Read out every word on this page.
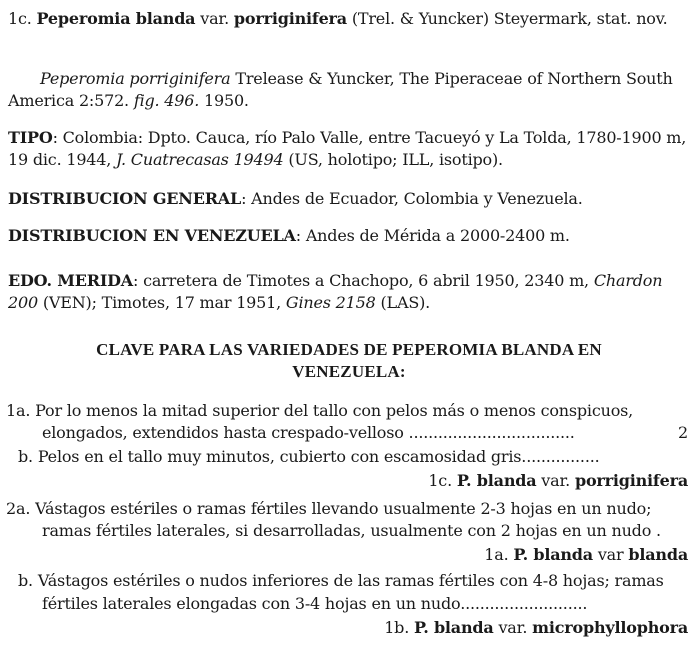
1c. Peperomia blanda var. porriginifera (Trel. & Yuncker) Steyermark, stat. nov.

Peperomia porriginifera Trelease & Yuncker, The Piperaceae of Northern South America 2:572. fig. 496. 1950.

TIPO: Colombia: Dpto. Cauca, río Palo Valle, entre Tacueyó y La Tolda, 1780-1900 m, 19 dic. 1944, J. Cuatrecasas 19494 (US, holotipo; ILL, isotipo).

DISTRIBUCION GENERAL: Andes de Ecuador, Colombia y Venezuela.

DISTRIBUCION EN VENEZUELA: Andes de Mérida a 2000-2400 m.

EDO. MERIDA: carretera de Timotes a Chachopo, 6 abril 1950, 2340 m, Chardon 200 (VEN); Timotes, 17 mar 1951, Gines 2158 (LAS).

CLAVE PARA LAS VARIEDADES DE PEPEROMIA BLANDA EN
VENEZUELA:
1a. Por lo menos la mitad superior del tallo con pelos más o menos conspicuos,
elongados, extendidos hasta crespado-velloso ..................................	2
b. Pelos en el tallo muy minutos, cubierto con escamosidad gris................
1c. P. blanda var. porriginifera
2a. Vástagos estériles o ramas fértiles llevando usualmente 2-3 hojas en un nudo;
ramas fértiles laterales, si desarrolladas, usualmente con 2 hojas en un nudo .
1a. P. blanda var blanda
b. Vástagos estériles o nudos inferiores de las ramas fértiles con 4-8 hojas; ramas
fértiles laterales elongadas con 3-4 hojas en un nudo..........................
1b. P. blanda var. microphyllophora
